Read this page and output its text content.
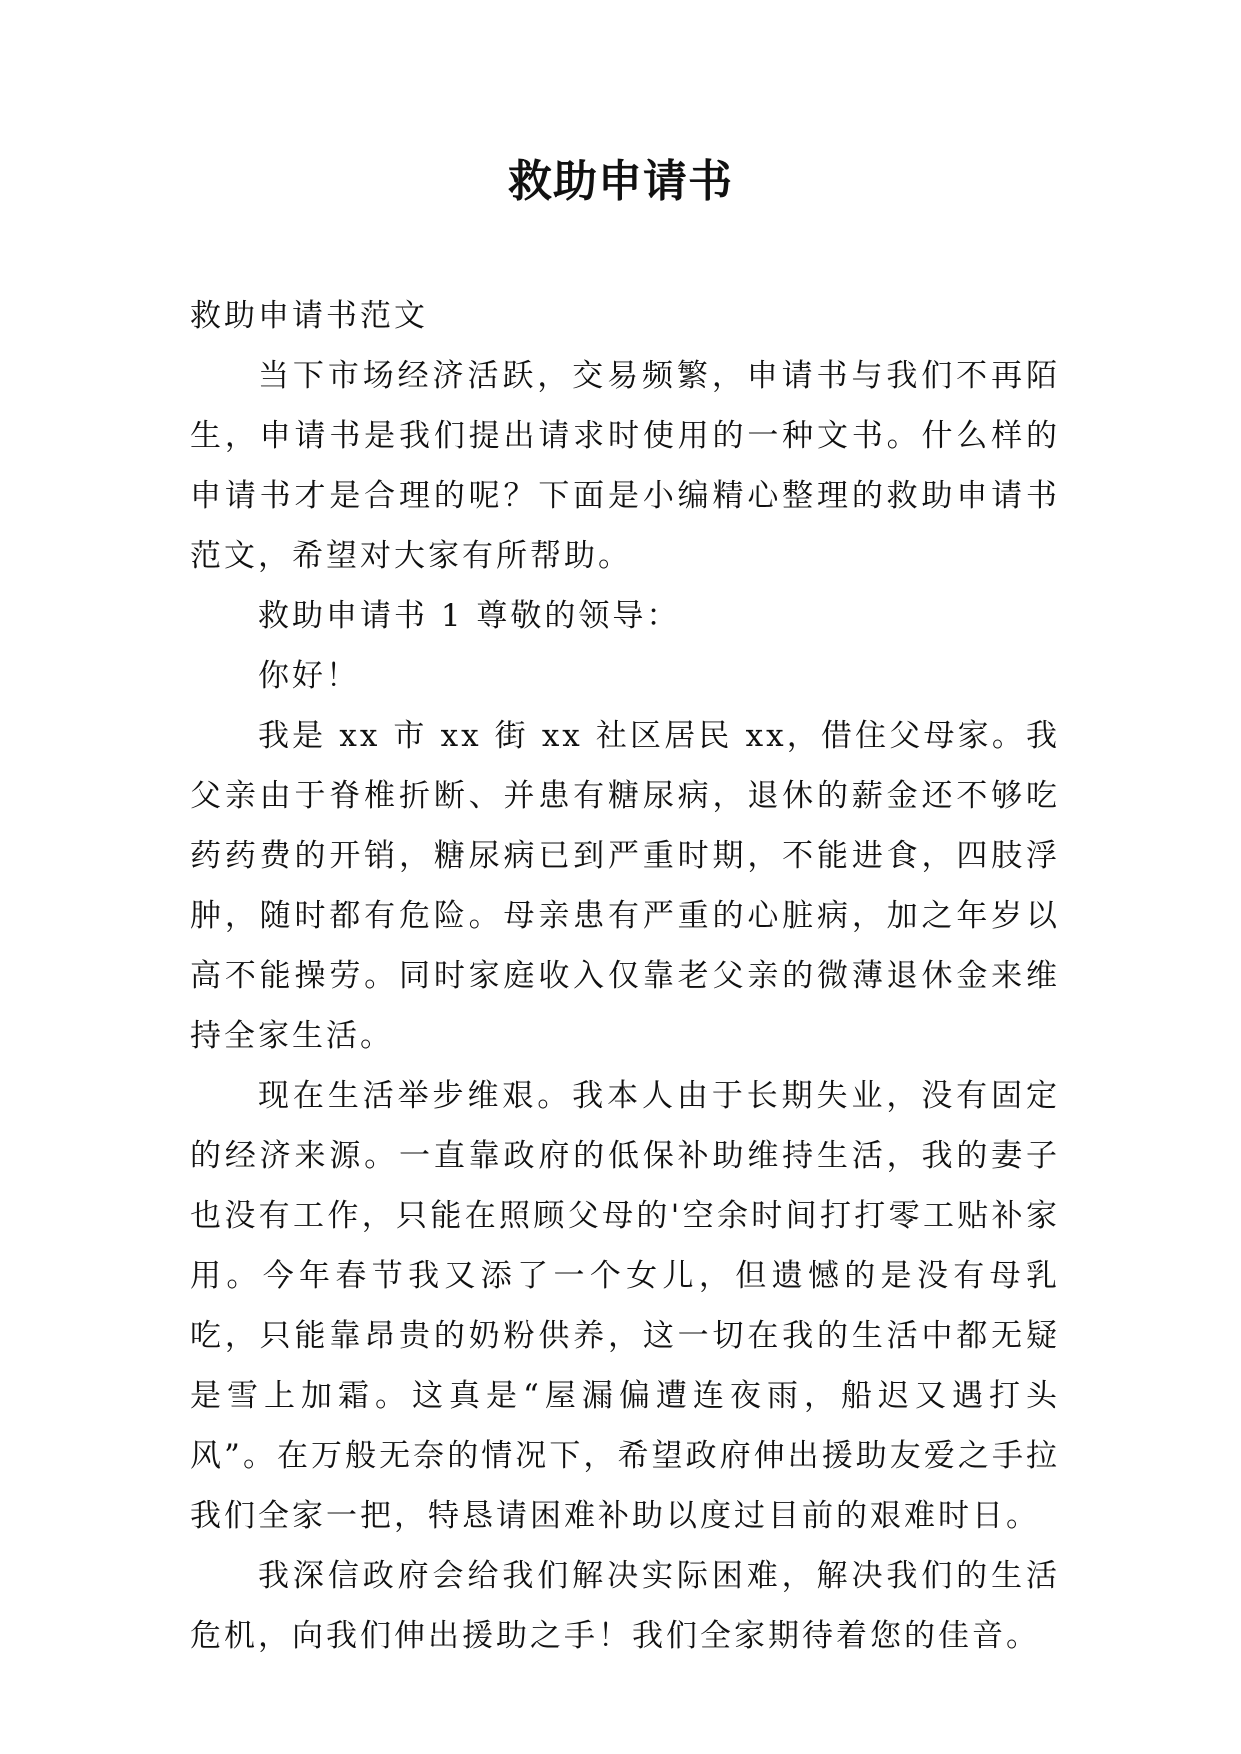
救助申请书

救助申请书范文

当下市场经济活跃，交易频繁，申请书与我们不再陌生，申请书是我们提出请求时使用的一种文书。什么样的申请书才是合理的呢？下面是小编精心整理的救助申请书范文，希望对大家有所帮助。

救助申请书 1 尊敬的领导：

你好！

我是 xx 市 xx 街 xx 社区居民 xx，借住父母家。我父亲由于脊椎折断、并患有糖尿病，退休的薪金还不够吃药药费的开销，糖尿病已到严重时期，不能进食，四肢浮肿，随时都有危险。母亲患有严重的心脏病，加之年岁以高不能操劳。同时家庭收入仅靠老父亲的微薄退休金来维持全家生活。

现在生活举步维艰。我本人由于长期失业，没有固定的经济来源。一直靠政府的低保补助维持生活，我的妻子也没有工作，只能在照顾父母的'空余时间打打零工贴补家用。今年春节我又添了一个女儿，但遗憾的是没有母乳吃，只能靠昂贵的奶粉供养，这一切在我的生活中都无疑是雪上加霜。这真是“屋漏偏遭连夜雨，船迟又遇打头风”。在万般无奈的情况下，希望政府伸出援助友爱之手拉我们全家一把，特恳请困难补助以度过目前的艰难时日。

我深信政府会给我们解决实际困难，解决我们的生活危机，向我们伸出援助之手！我们全家期待着您的佳音。
